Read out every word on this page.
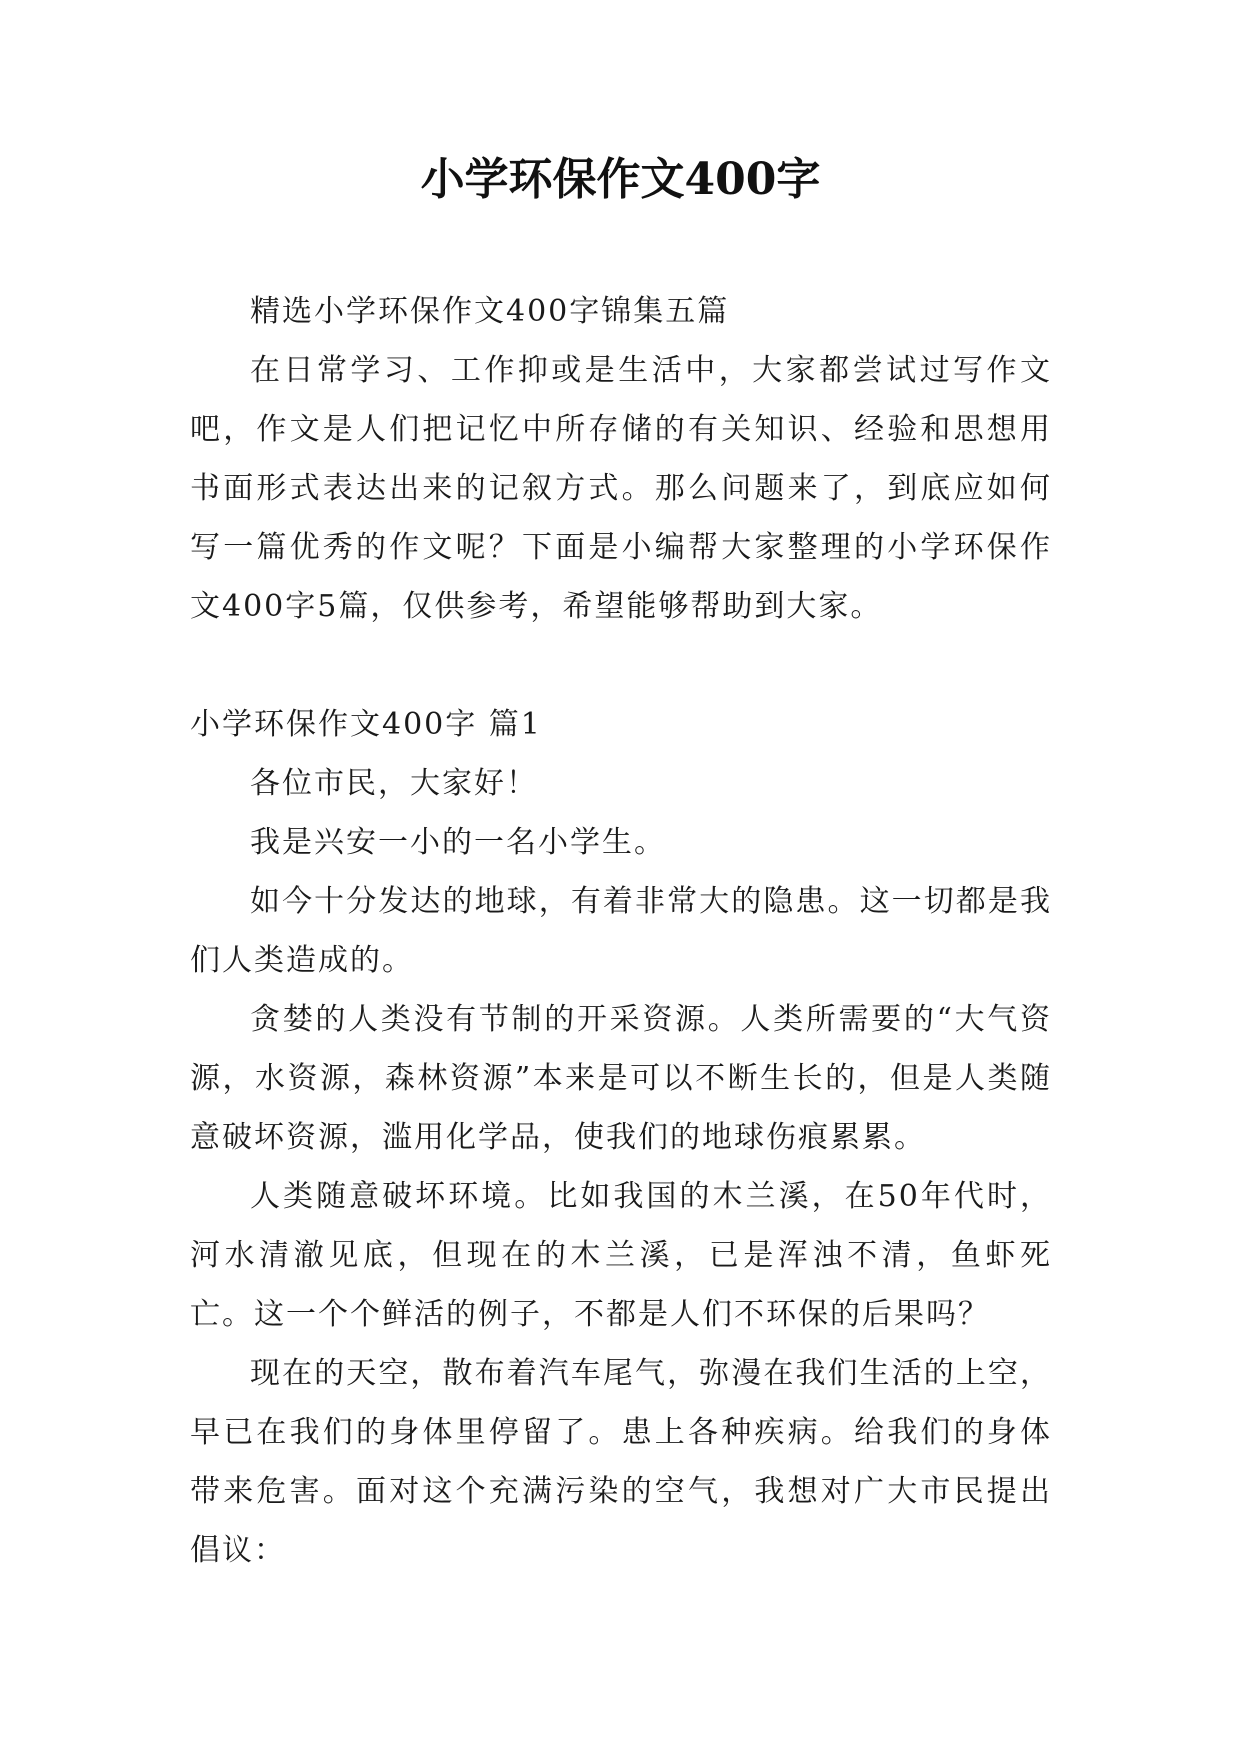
小学环保作文400字

精选小学环保作文400字锦集五篇

在日常学习、工作抑或是生活中，大家都尝试过写作文吧，作文是人们把记忆中所存储的有关知识、经验和思想用书面形式表达出来的记叙方式。那么问题来了，到底应如何写一篇优秀的作文呢？下面是小编帮大家整理的小学环保作文400字5篇，仅供参考，希望能够帮助到大家。

小学环保作文400字 篇1

各位市民，大家好！

我是兴安一小的一名小学生。

如今十分发达的地球，有着非常大的隐患。这一切都是我们人类造成的。

贪婪的人类没有节制的开采资源。人类所需要的“大气资源，水资源，森林资源”本来是可以不断生长的，但是人类随意破坏资源，滥用化学品，使我们的地球伤痕累累。

人类随意破坏环境。比如我国的木兰溪，在50年代时，河水清澈见底，但现在的木兰溪，已是浑浊不清，鱼虾死亡。这一个个鲜活的例子，不都是人们不环保的后果吗？

现在的天空，散布着汽车尾气，弥漫在我们生活的上空，早已在我们的身体里停留了。患上各种疾病。给我们的身体带来危害。面对这个充满污染的空气，我想对广大市民提出倡议：
